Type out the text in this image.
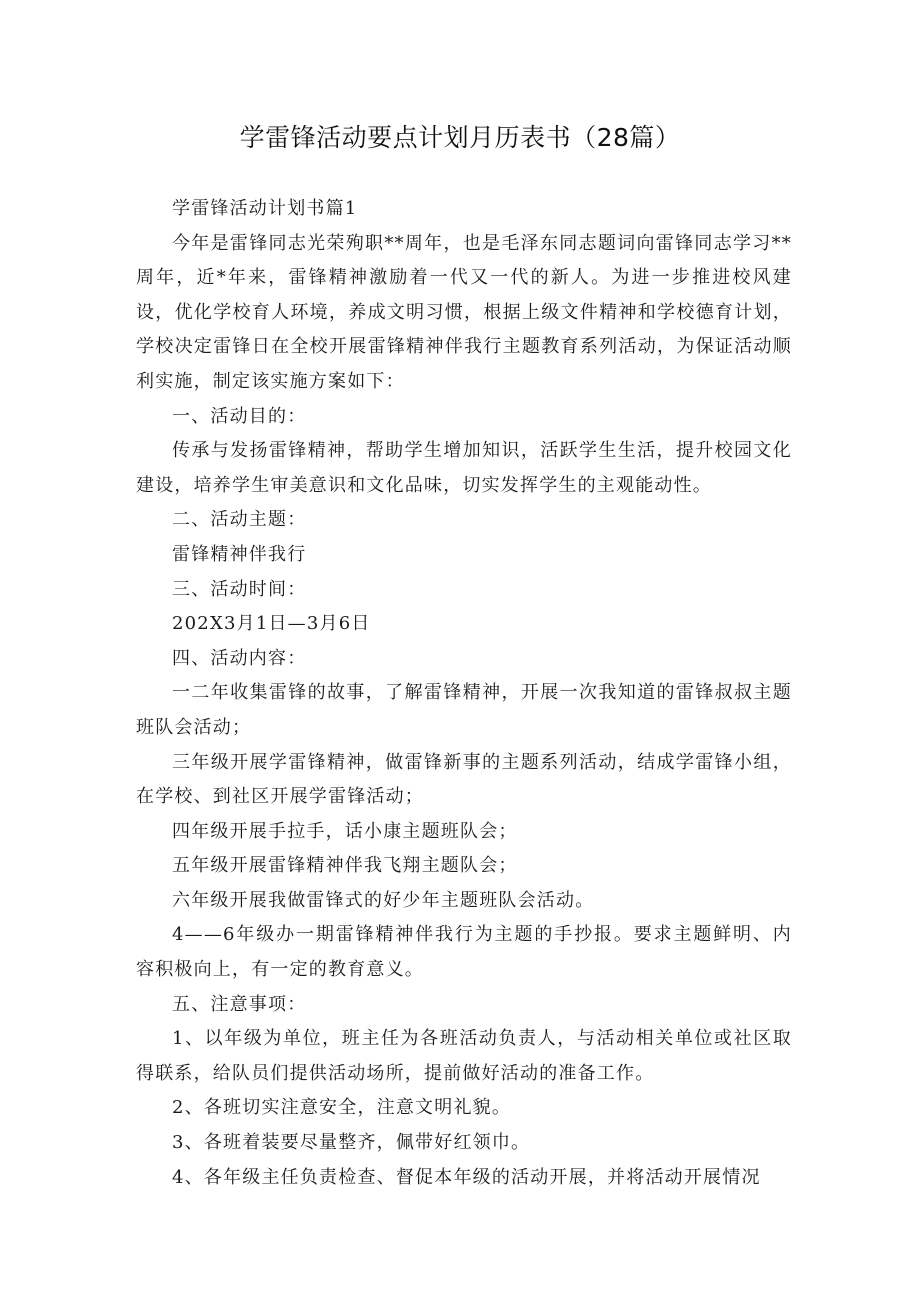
学雷锋活动要点计划月历表书（28篇）

学雷锋活动计划书篇1

今年是雷锋同志光荣殉职**周年，也是毛泽东同志题词向雷锋同志学习**周年，近*年来，雷锋精神激励着一代又一代的新人。为进一步推进校风建设，优化学校育人环境，养成文明习惯，根据上级文件精神和学校德育计划，学校决定雷锋日在全校开展雷锋精神伴我行主题教育系列活动，为保证活动顺利实施，制定该实施方案如下：

一、活动目的：

传承与发扬雷锋精神，帮助学生增加知识，活跃学生生活，提升校园文化建设，培养学生审美意识和文化品味，切实发挥学生的主观能动性。

二、活动主题：

雷锋精神伴我行

三、活动时间：

202X3月1日—3月6日

四、活动内容：

一二年收集雷锋的故事，了解雷锋精神，开展一次我知道的雷锋叔叔主题班队会活动；

三年级开展学雷锋精神，做雷锋新事的主题系列活动，结成学雷锋小组，在学校、到社区开展学雷锋活动；

四年级开展手拉手，话小康主题班队会；

五年级开展雷锋精神伴我飞翔主题队会；

六年级开展我做雷锋式的好少年主题班队会活动。

4——6年级办一期雷锋精神伴我行为主题的手抄报。要求主题鲜明、内容积极向上，有一定的教育意义。

五、注意事项：

1、以年级为单位，班主任为各班活动负责人，与活动相关单位或社区取得联系，给队员们提供活动场所，提前做好活动的准备工作。

2、各班切实注意安全，注意文明礼貌。

3、各班着装要尽量整齐，佩带好红领巾。

4、各年级主任负责检查、督促本年级的活动开展，并将活动开展情况
